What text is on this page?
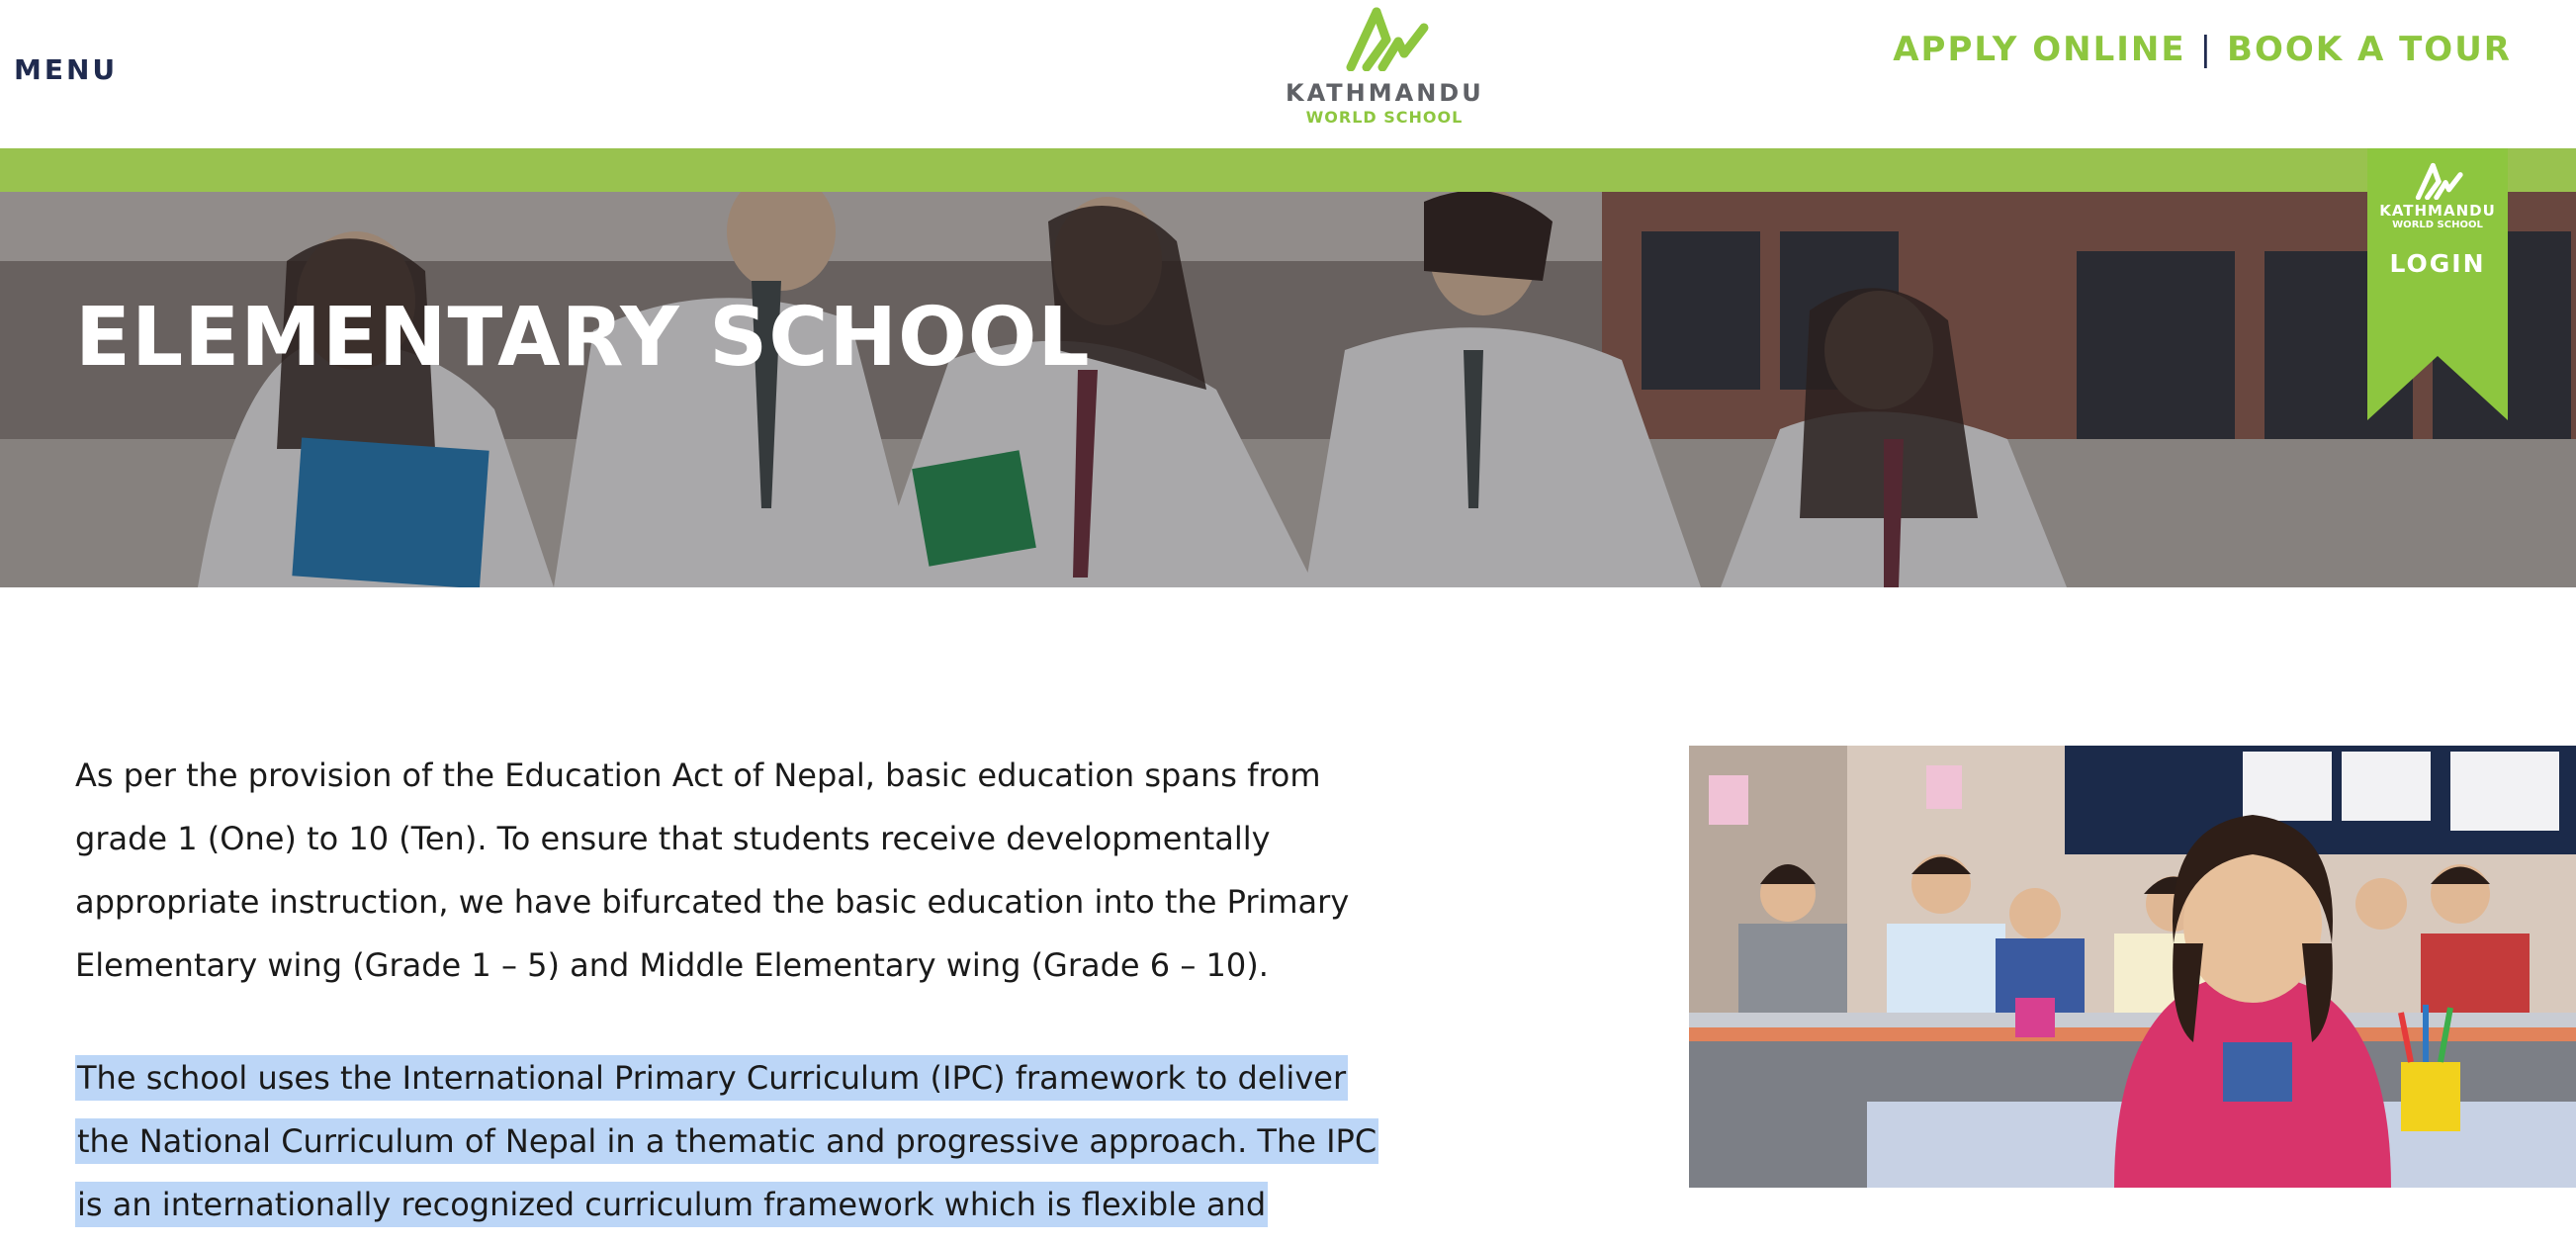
MENU
KATHMANDU
WORLD SCHOOL
APPLY ONLINE | BOOK A TOUR
ELEMENTARY SCHOOL
KATHMANDU
WORLD SCHOOL
LOGIN

As per the provision of the Education Act of Nepal, basic education spans from grade 1 (One) to 10 (Ten). To ensure that students receive developmentally appropriate instruction, we have bifurcated the basic education into the Primary Elementary wing (Grade 1 – 5) and Middle Elementary wing (Grade 6 – 10).

The school uses the International Primary Curriculum (IPC) framework to deliver the National Curriculum of Nepal in a thematic and progressive approach. The IPC is an internationally recognized curriculum framework which is flexible and
